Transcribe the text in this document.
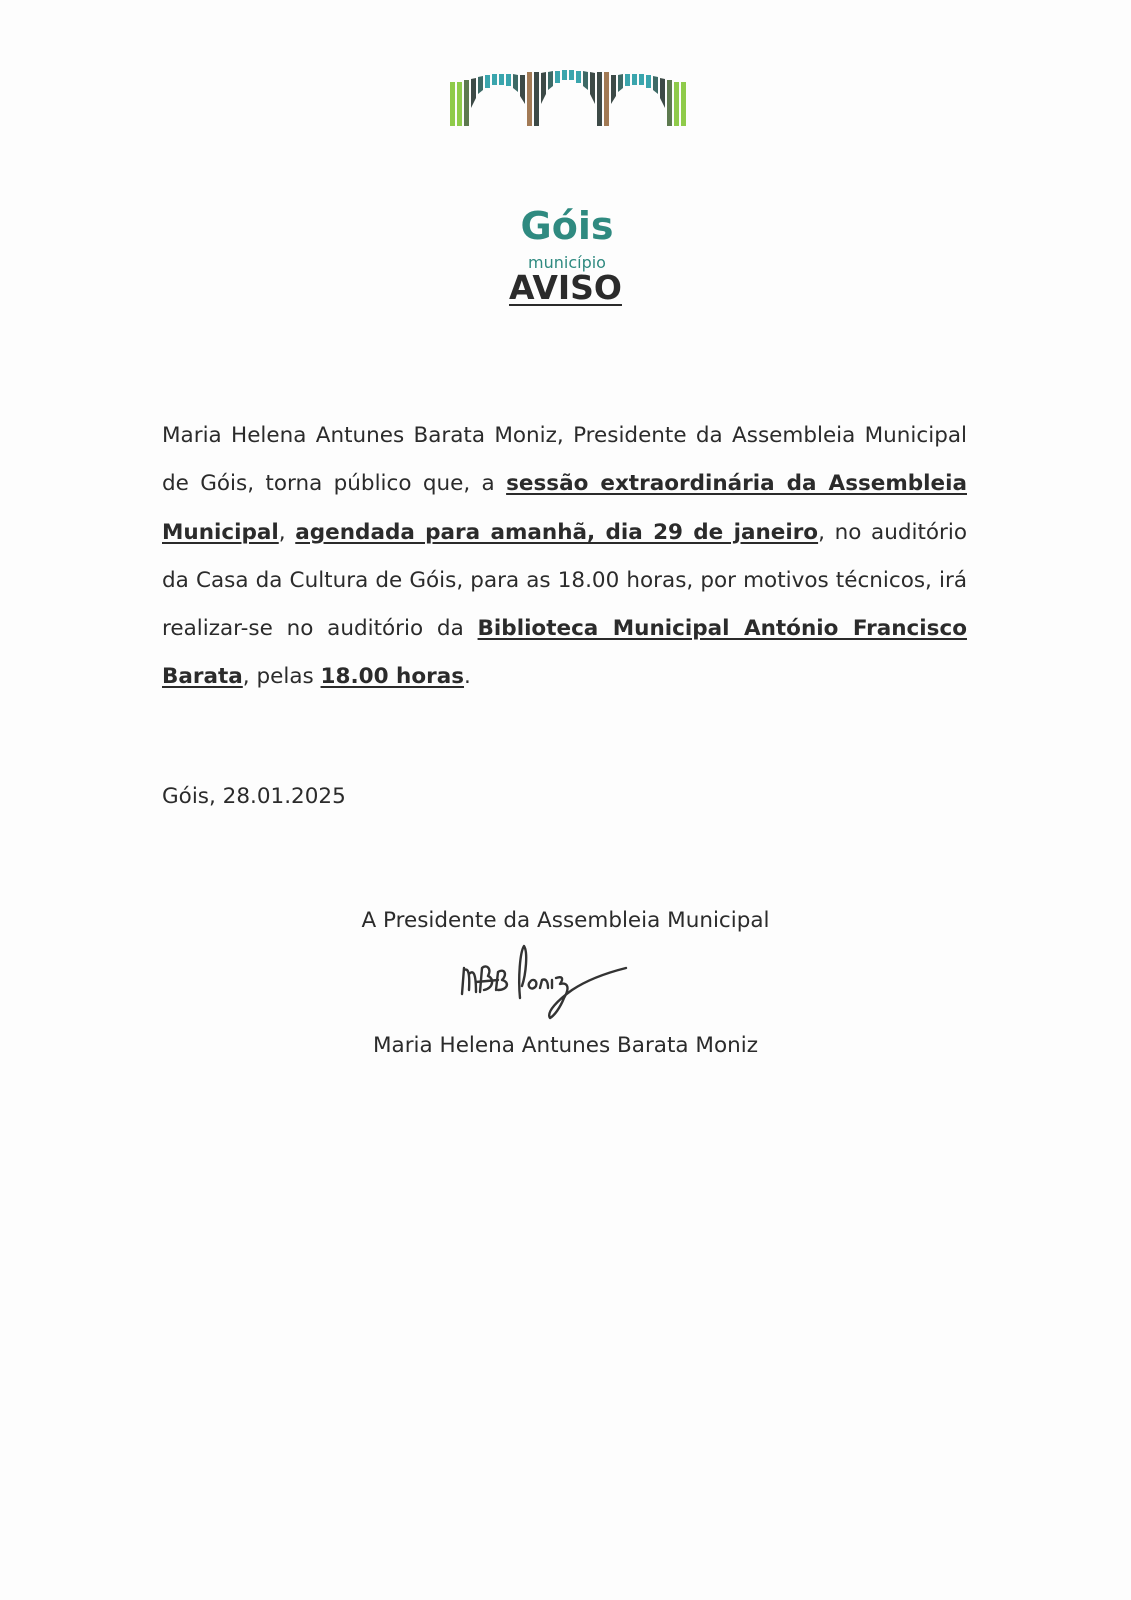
Góis
município
AVISO
Maria Helena Antunes Barata Moniz, Presidente da Assembleia Municipal de Góis, torna público que, a sessão extraordinária da Assembleia Municipal, agendada para amanhã, dia 29 de janeiro, no auditório da Casa da Cultura de Góis, para as 18.00 horas, por motivos técnicos, irá realizar-se no auditório da Biblioteca Municipal António Francisco Barata, pelas 18.00 horas.
Góis, 28.01.2025
A Presidente da Assembleia Municipal
Maria Helena Antunes Barata Moniz
